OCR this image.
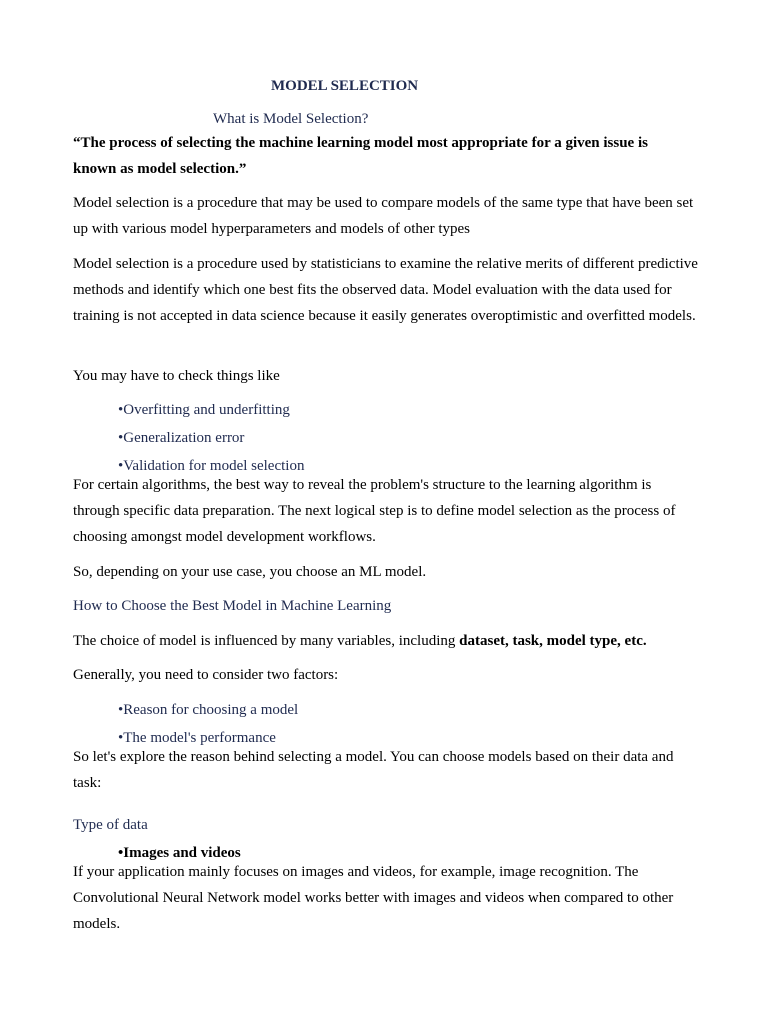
MODEL SELECTION
What is Model Selection?
“The process of selecting the machine learning model most appropriate for a given issue is
known as model selection.”

Model selection is a procedure that may be used to compare models of the same type that have been set up with various model hyperparameters and models of other types

Model selection is a procedure used by statisticians to examine the relative merits of different predictive methods and identify which one best fits the observed data. Model evaluation with the data used for training is not accepted in data science because it easily generates overoptimistic and overfitted models.

You may have to check things like
•Overfitting and underfitting
•Generalization error
•Validation for model selection

For certain algorithms, the best way to reveal the problem's structure to the learning algorithm is through specific data preparation. The next logical step is to define model selection as the process of choosing amongst model development workflows.

So, depending on your use case, you choose an ML model.
How to Choose the Best Model in Machine Learning
The choice of model is influenced by many variables, including dataset, task, model type, etc.
Generally, you need to consider two factors:
•Reason for choosing a model
•The model's performance

So let's explore the reason behind selecting a model. You can choose models based on their data and task:

Type of data
•Images and videos

If your application mainly focuses on images and videos, for example, image recognition. The Convolutional Neural Network model works better with images and videos when compared to other models.
